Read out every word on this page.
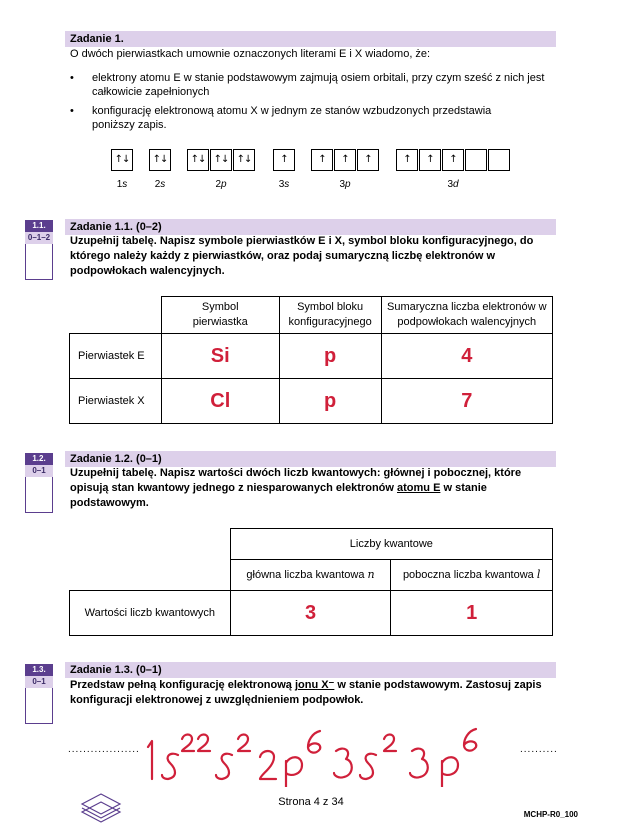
Zadanie 1.
O dwóch pierwiastkach umownie oznaczonych literami E i X wiadomo, że:
• elektrony atomu E w stanie podstawowym zajmują osiem orbitali, przy czym sześć z nich jest całkowicie zapełnionych
• konfigurację elektronową atomu X w jednym ze stanów wzbudzonych przedstawia poniższy zapis.
↑↓	↑↓	↑↓ ↑↓ ↑↓	↑	↑	↑	↑	↑	↑	↑
1s	2s	2p	3s	3p	3d
1.1.
0–1–2
Zadanie 1.1. (0–2)
Uzupełnij tabelę. Napisz symbole pierwiastków E i X, symbol bloku konfiguracyjnego, do którego należy każdy z pierwiastków, oraz podaj sumaryczną liczbę elektronów w podpowłokach walencyjnych.

	Symbol pierwiastka	Symbol bloku konfiguracyjnego	Sumaryczna liczba elektronów w podpowłokach walencyjnych
Pierwiastek E	Si	p	4
Pierwiastek X	Cl	p	7
1.2.
0–1
Zadanie 1.2. (0–1)
Uzupełnij tabelę. Napisz wartości dwóch liczb kwantowych: głównej i pobocznej, które opisują stan kwantowy jednego z niesparowanych elektronów atomu E w stanie podstawowym.
	Liczby kwantowe	
	główna liczba kwantowa n	poboczna liczba kwantowa l
Wartości liczb kwantowych	3	1
1.3.
0–1
Zadanie 1.3. (0–1)
Przedstaw pełną konfigurację elektronową jonu X⁻ w stanie podstawowym. Zastosuj zapis konfiguracji elektronowej z uwzględnieniem podpowłok.
...................	..........
Strona 4 z 34
MCHP-R0_100
